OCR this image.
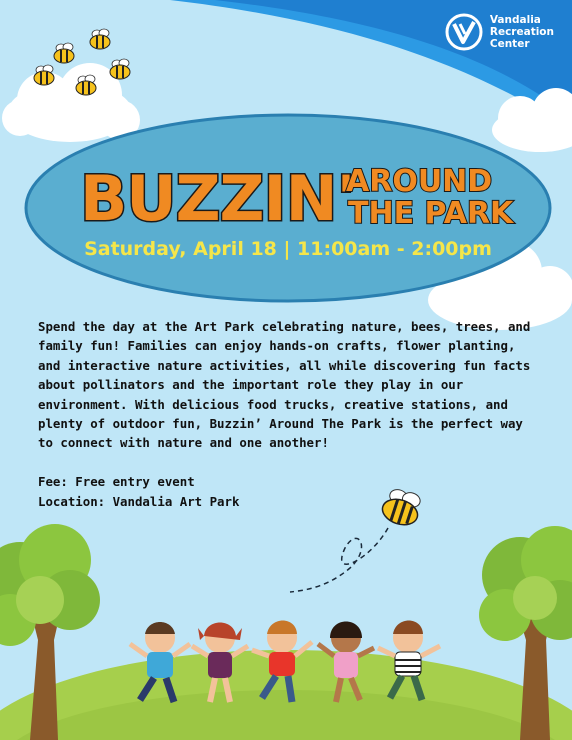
Vandalia
Recreation
Center
BUZZIN'
AROUND
THE PARK
Saturday, April 18 | 11:00am - 2:00pm

Spend the day at the Art Park celebrating nature, bees, trees, and family fun! Families can enjoy hands-on crafts, flower planting, and interactive nature activities, all while discovering fun facts about pollinators and the important role they play in our environment. With delicious food trucks, creative stations, and plenty of outdoor fun, Buzzin’ Around The Park is the perfect way to connect with nature and one another!

Fee: Free entry event

Location: Vandalia Art Park
